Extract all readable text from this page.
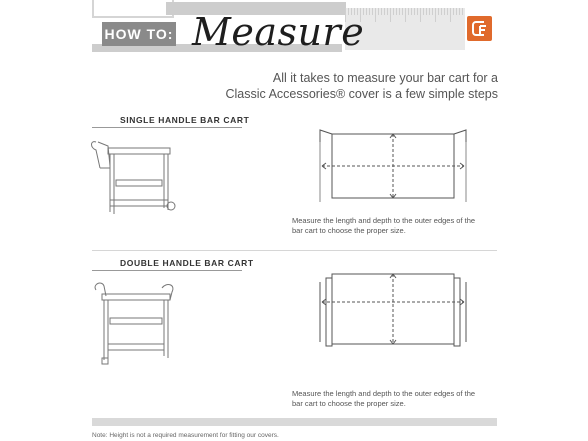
HOW TO: Measure
All it takes to measure your bar cart for a
Classic Accessories® cover is a few simple steps
SINGLE HANDLE BAR CART
Measure the length and depth to the outer edges of the
bar cart to choose the proper size.
DOUBLE HANDLE BAR CART
Measure the length and depth to the outer edges of the
bar cart to choose the proper size.
Note: Height is not a required measurement for fitting our covers.
